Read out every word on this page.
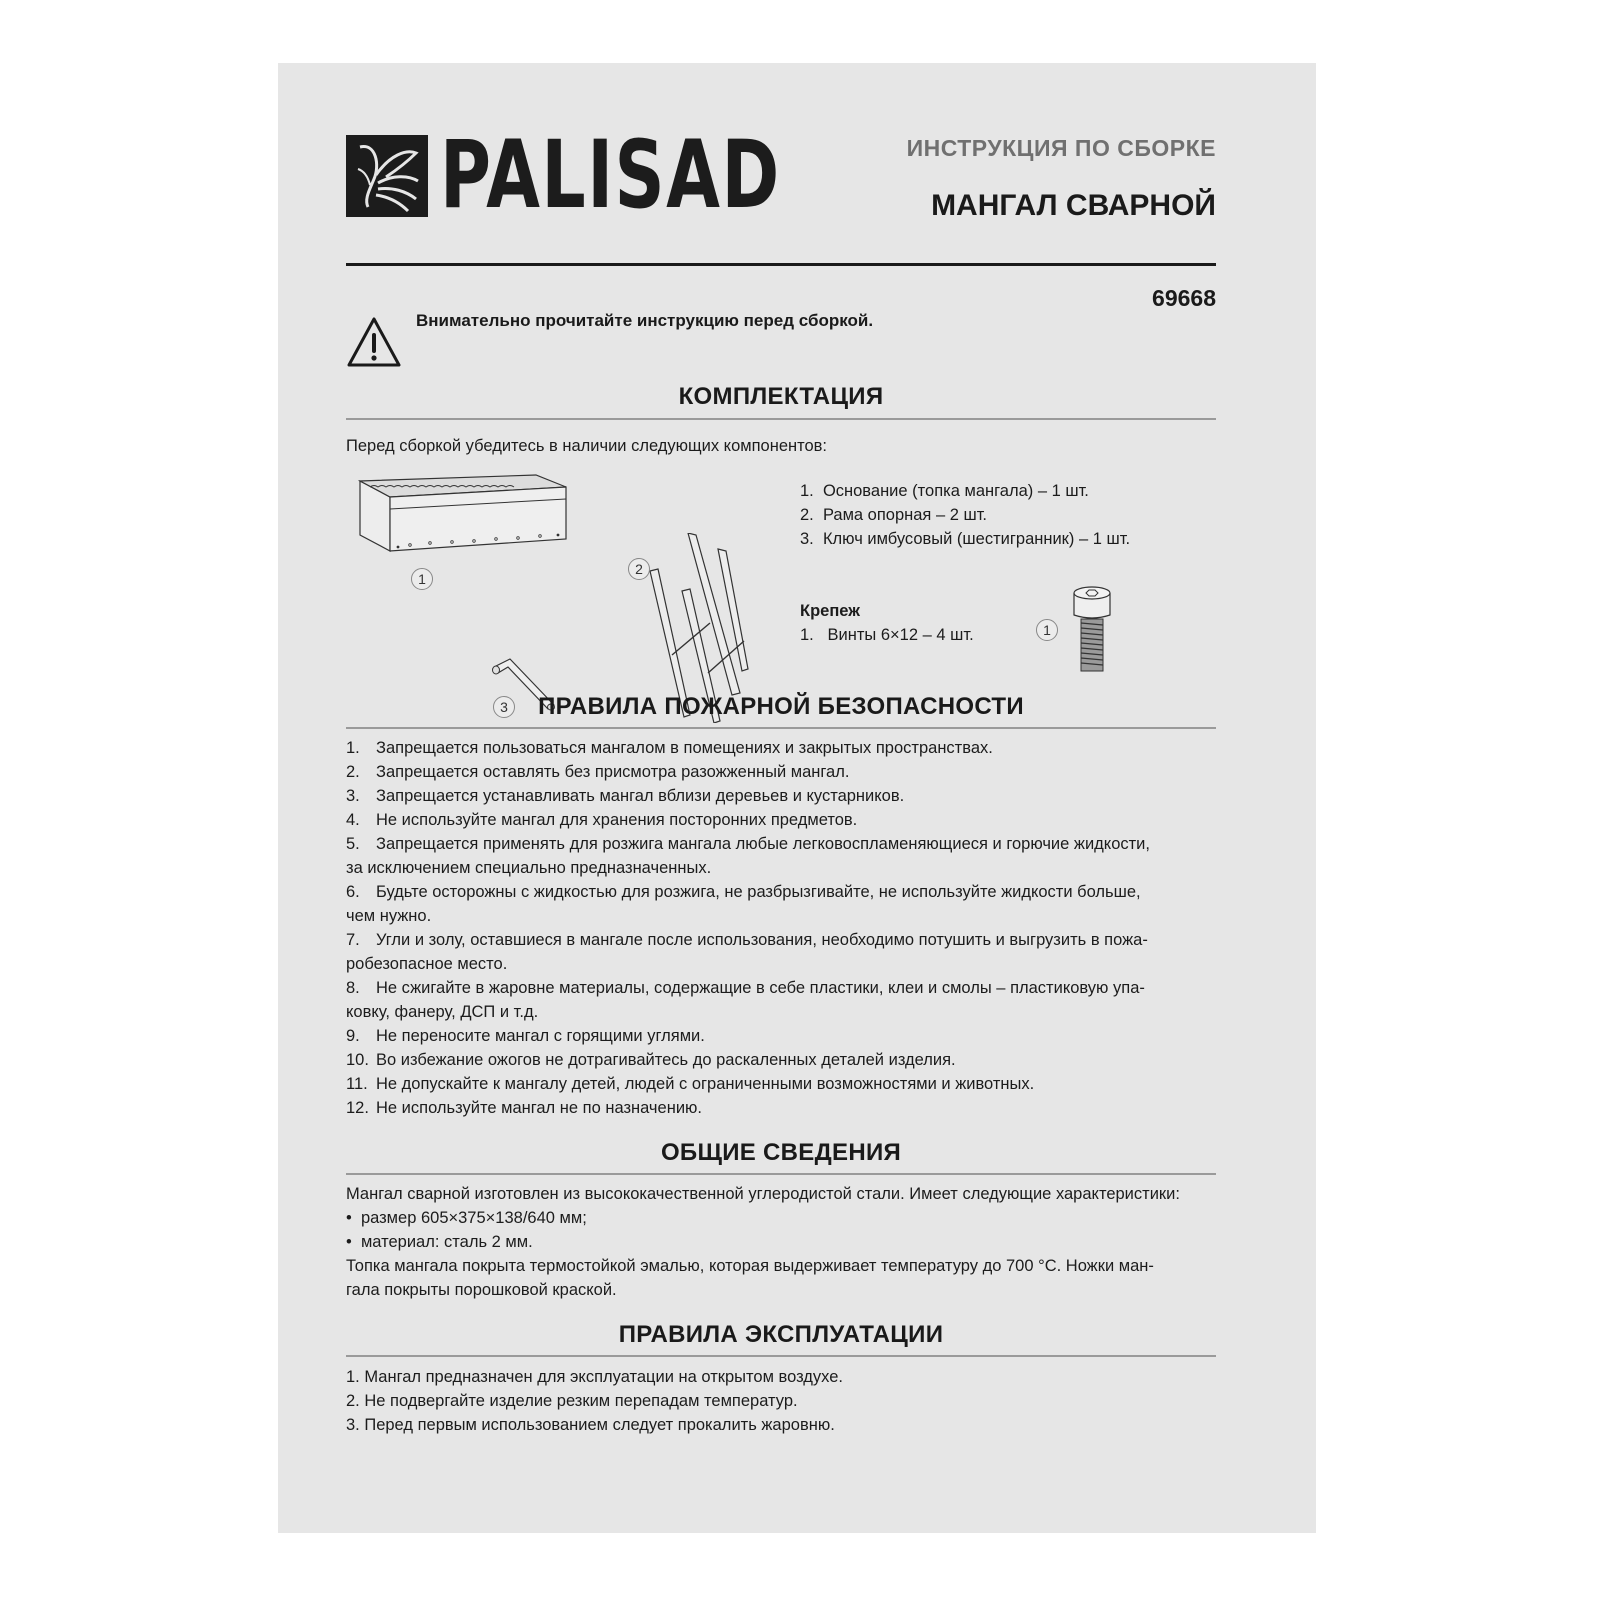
PALISAD	ИНСТРУКЦИЯ ПО СБОРКЕ
МАНГАЛ СВАРНОЙ
69668
Внимательно прочитайте инструкцию перед сборкой.
КОМПЛЕКТАЦИЯ
Перед сборкой убедитесь в наличии следующих компонентов:
1
3
2
1. Основание (топка мангала) – 1 шт.
2. Рама опорная – 2 шт.
3. Ключ имбусовый (шестигранник) – 1 шт.
Крепеж
1. Винты 6×12 – 4 шт.	1
ПРАВИЛА ПОЖАРНОЙ БЕЗОПАСНОСТИ
1. Запрещается пользоваться мангалом в помещениях и закрытых пространствах.
2. Запрещается оставлять без присмотра разожженный мангал.
3. Запрещается устанавливать мангал вблизи деревьев и кустарников.
4. Не используйте мангал для хранения посторонних предметов.
5. Запрещается применять для розжига мангала любые легковоспламеняющиеся и горючие жидкости,
за исключением специально предназначенных.
6. Будьте осторожны с жидкостью для розжига, не разбрызгивайте, не используйте жидкости больше,
чем нужно.
7. Угли и золу, оставшиеся в мангале после использования, необходимо потушить и выгрузить в пожа-
робезопасное место.
8. Не сжигайте в жаровне материалы, содержащие в себе пластики, клеи и смолы – пластиковую упа-
ковку, фанеру, ДСП и т.д.
9. Не переносите мангал с горящими углями.
10. Во избежание ожогов не дотрагивайтесь до раскаленных деталей изделия.
11. Не допускайте к мангалу детей, людей с ограниченными возможностями и животных.
12. Не используйте мангал не по назначению.
ОБЩИЕ СВЕДЕНИЯ
Мангал сварной изготовлен из высококачественной углеродистой стали. Имеет следующие характеристики:
•  размер 605×375×138/640 мм;
•  материал: сталь 2 мм.
Топка мангала покрыта термостойкой эмалью, которая выдерживает температуру до 700 °С. Ножки ман-
гала покрыты порошковой краской.
ПРАВИЛА ЭКСПЛУАТАЦИИ
1. Мангал предназначен для эксплуатации на открытом воздухе.
2. Не подвергайте изделие резким перепадам температур.
3. Перед первым использованием следует прокалить жаровню.
